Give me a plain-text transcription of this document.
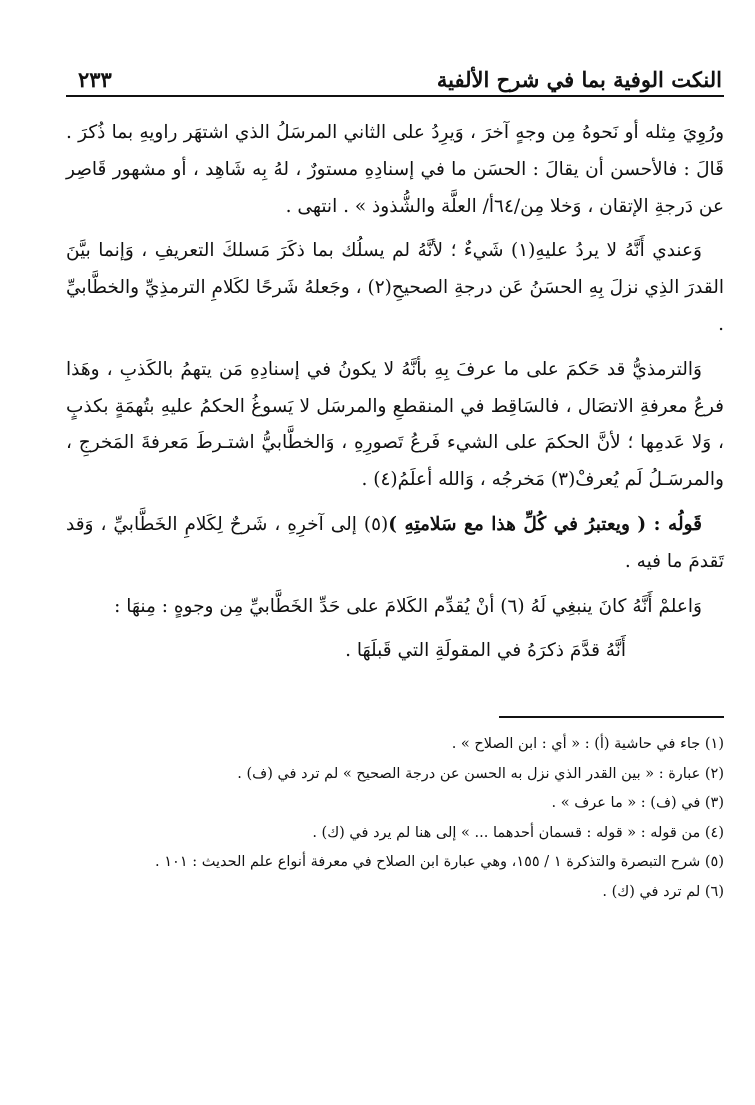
النكت الوفية بما في شرح الألفية
٢٣٣

ورُوِيَ مِثله أو نَحوهُ مِن وجهٍ آخرَ ، وَيرِدُ على الثاني المرسَلُ الذي اشتهَر راويهِ بما ذُكرَ . قَالَ : فالأحسن أن يقالَ : الحسَن ما في إسنادِهِ مستورٌ ، لهُ بِه شَاهِد ، أو مشهور قَاصِر عن دَرجةِ الإتقان ، وَخلا مِن/٦٤أ/ العلَّة والشُّذوذ » . انتهى .

وَعندي أَنَّهُ لا يردُ عليهِ(١) شَيءٌ ؛ لأنَّهُ لم يسلُك بما ذكَرَ مَسلكَ التعريفِ ، وَإنما بيَّنَ القدرَ الذِي نزلَ بِهِ الحسَنُ عَن درجةِ الصحيحِ(٢) ، وجَعلهُ شَرحًا لكَلامِ الترمذِيِّ والخطَّابيِّ .

وَالترمذيُّ قد حَكمَ على ما عرفَ بِهِ بأنَّهُ لا يكونُ في إسنادِهِ مَن يتهمُ بالكَذبِ ، وهَذا فرعُ معرفةِ الاتصَال ، فالسَاقِط في المنقطعِ والمرسَل لا يَسوغُ الحكمُ عليهِ بتُهمَةٍ بكذبٍ ، وَلا عَدمِها ؛ لأنَّ الحكمَ على الشيء فَرعُ تَصورِهِ ، وَالخطَّابيُّ اشتـرطَ مَعرفةَ المَخرجِ ، والمرسَـلُ لَم يُعرفْ(٣) مَخرجُه ، وَالله أعلَمُ(٤) .

قَولُه : ( ويعتبرُ في كُلِّ هذا مع سَلامتِهِ )(٥) إلى آخرِهِ ، شَرحٌ لِكَلامِ الخَطَّابيِّ ، وَقد تَقدمَ ما فيه .

وَاعلمْ أَنَّهُ كانَ ينبغِي لَهُ (٦) أنْ يُقدِّم الكَلامَ على حَدِّ الخَطَّابيِّ مِن وجوهٍ : مِنهَا :

أَنَّهُ قدَّمَ ذكرَهُ في المقولَةِ التي قَبلَهَا .

(١) جاء في حاشية (أ) : « أي : ابن الصلاح » .
(٢) عبارة : « بين القدر الذي نزل به الحسن عن درجة الصحيح » لم ترد في (ف) .
(٣) في (ف) : « ما عرف » .
(٤) من قوله : « قوله : قسمان أحدهما ... » إلى هنا لم يرد في (ك) .
(٥) شرح التبصرة والتذكرة ١ / ١٥٥، وهي عبارة ابن الصلاح في معرفة أنواع علم الحديث : ١٠١ .
(٦) لم ترد في (ك) .
